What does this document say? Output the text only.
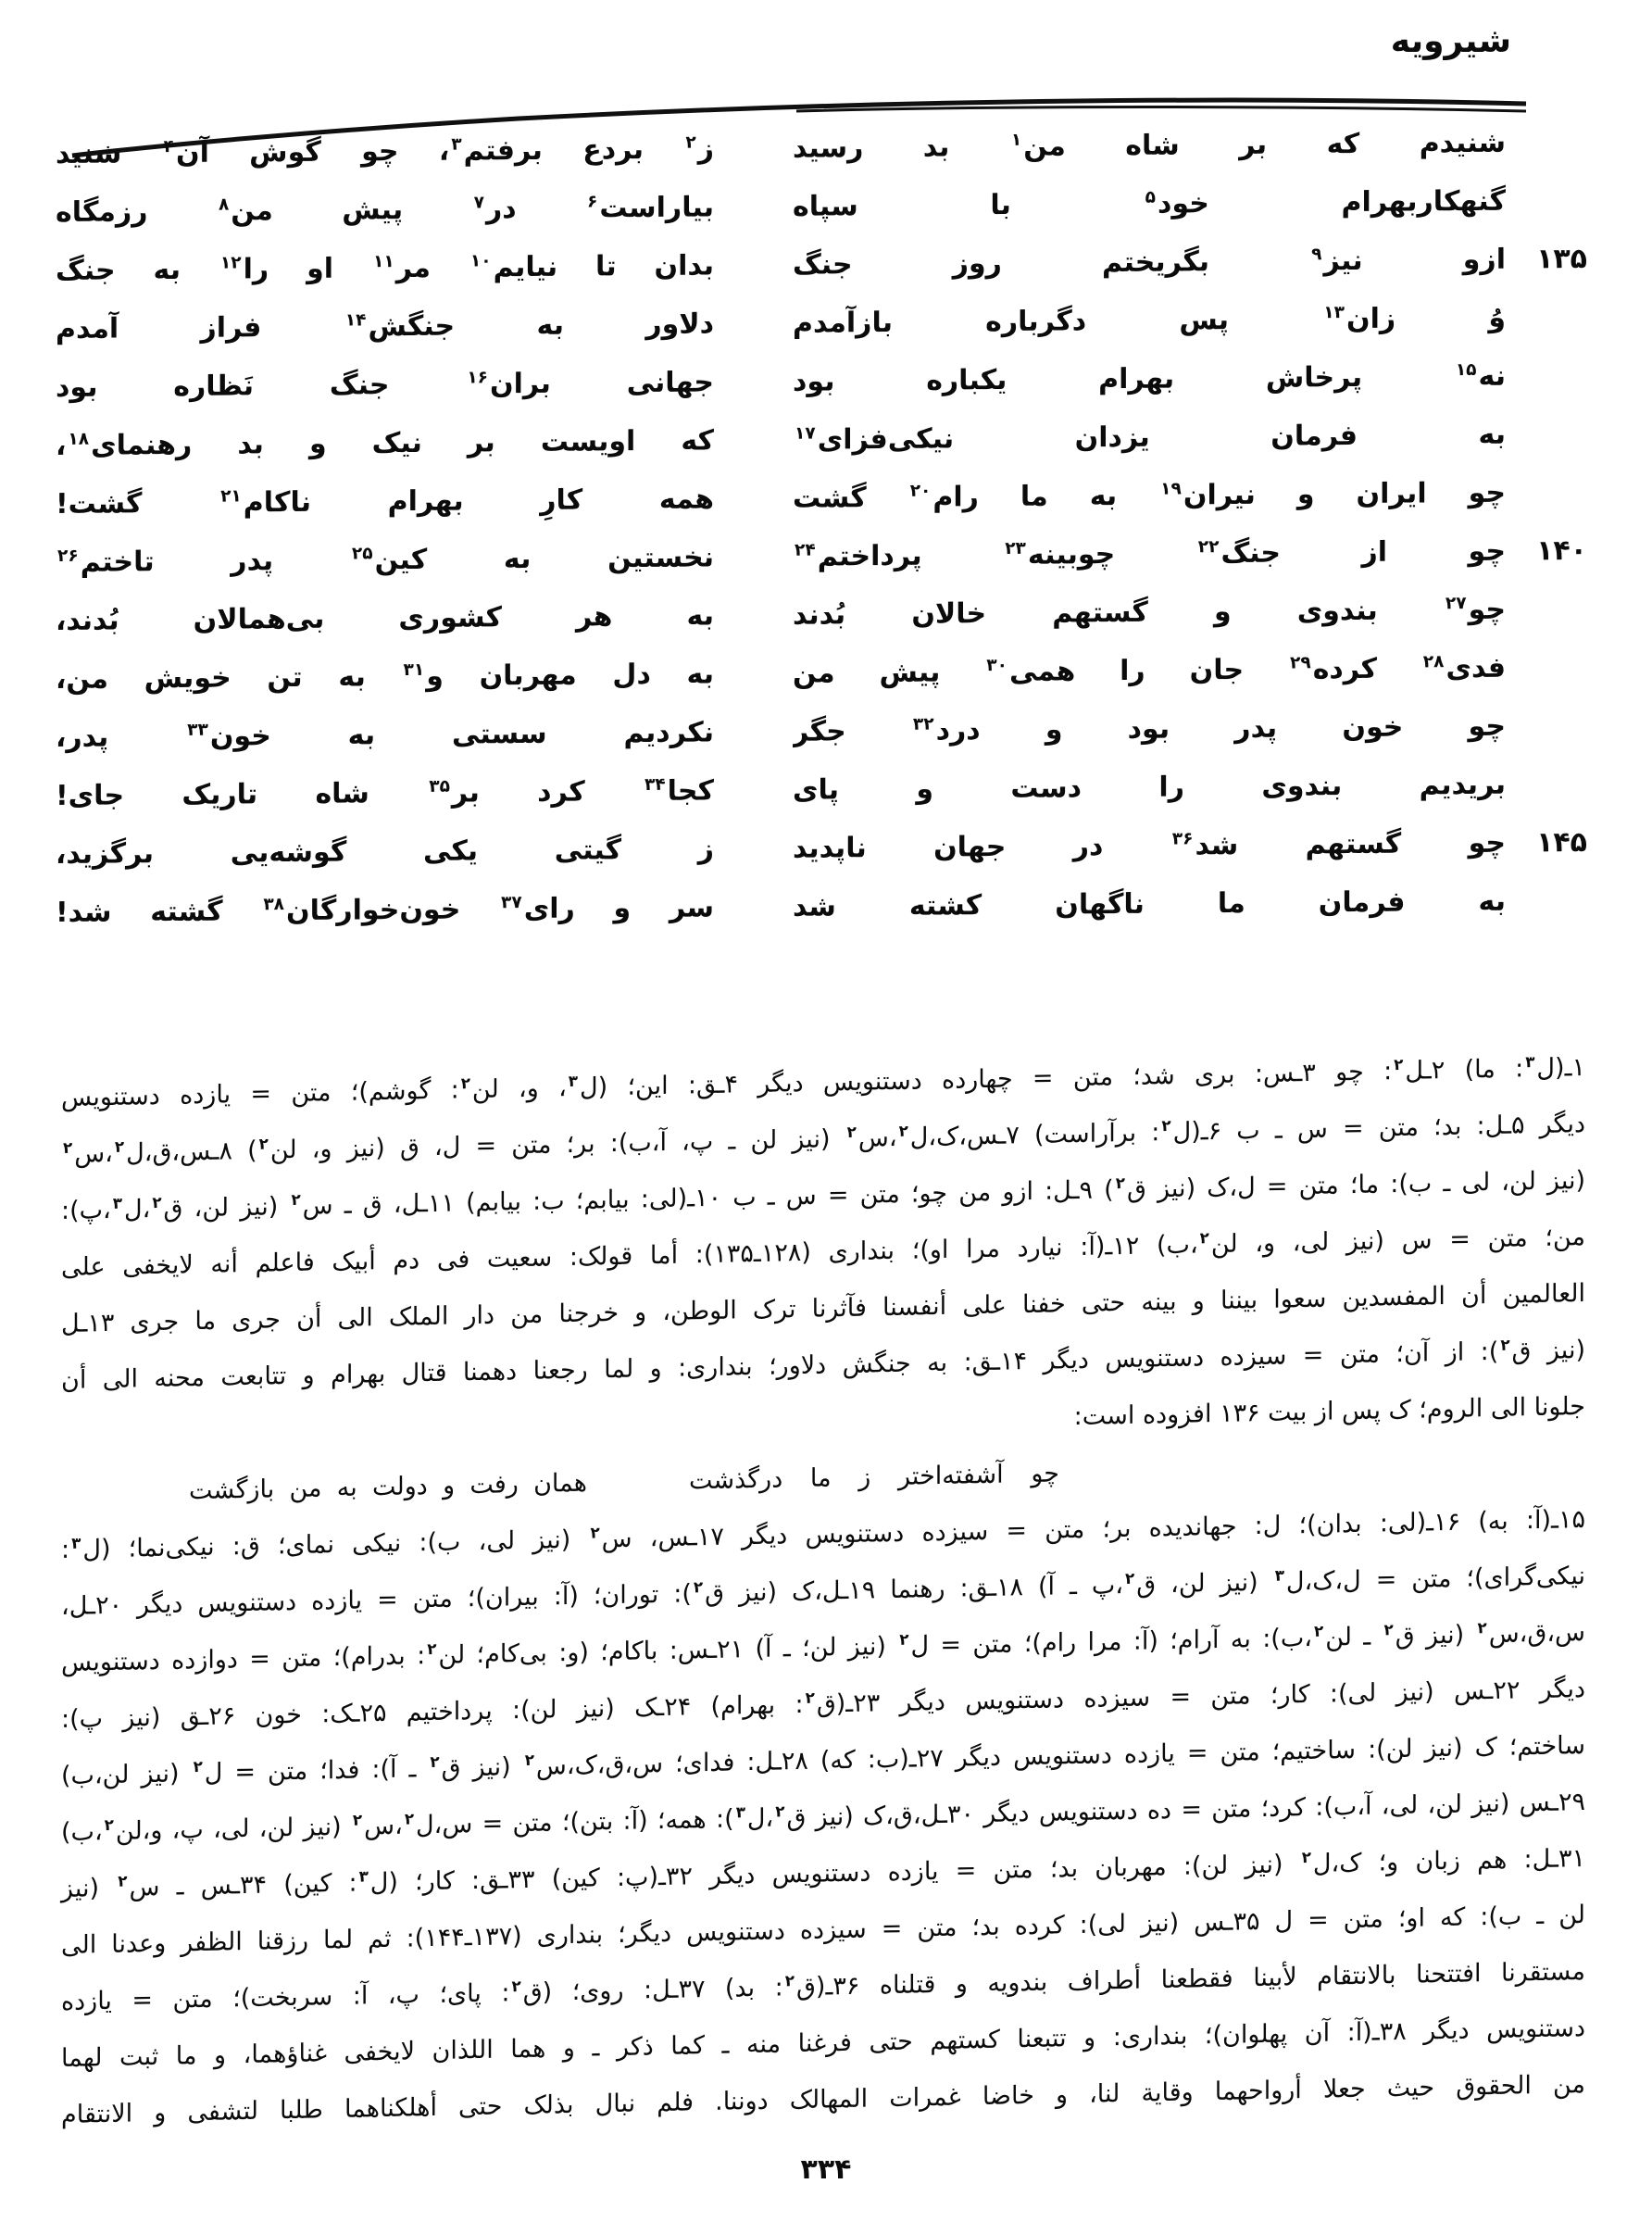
شیرویه
شنیدم که بر شاه من$^۱$ بد رسید
ز$^۲$ بردع برفتم$^۳$، چو گوش آن$^۴$ شنید
گنهکاربهرام خود$^۵$ با سپاه
بیاراست$^۶$ در$^۷$ پیش من$^۸$ رزمگاه
۱۳۵
ازو نیز$^۹$ بگریختم روز جنگ
بدان تا نیایم$^{۱۰}$ مر$^{۱۱}$ او را$^{۱۲}$ به جنگ
وُ زان$^{۱۳}$ پس دگرباره بازآمدم
دلاور به جنگش$^{۱۴}$ فراز آمدم
نه$^{۱۵}$ پرخاش بهرام یکباره بود
جهانی بران$^{۱۶}$ جنگ نَظاره بود
به فرمان یزدان نیکی‌فزای$^{۱۷}$
که اویست بر نیک و بد رهنمای$^{۱۸}$،
چو ایران و نیران$^{۱۹}$ به ما رام$^{۲۰}$ گشت
همه کارِ بهرام ناکام$^{۲۱}$ گشت!
۱۴۰
چو از جنگ$^{۲۲}$ چوبینه$^{۲۳}$ پرداختم$^{۲۴}$
نخستین به کین$^{۲۵}$ پدر تاختم$^{۲۶}$
چو$^{۲۷}$ بندوی و گستهم خالان بُدند
به هر کشوری بی‌همالان بُدند،
فدی$^{۲۸}$ کرده$^{۲۹}$ جان را همی$^{۳۰}$ پیش من
به دل مهربان و$^{۳۱}$ به تن خویش من،
چو خون پدر بود و درد$^{۳۲}$ جگر
نکردیم سستی به خون$^{۳۳}$ پدر،
بریدیم بندوی را دست و پای
کجا$^{۳۴}$ کرد بر$^{۳۵}$ شاه تاریک جای!
۱۴۵
چو گستهم شد$^{۳۶}$ در جهان ناپدید
ز گیتی یکی گوشه‌یی برگزید،
به فرمان ما ناگهان کشته شد
سر و رای$^{۳۷}$ خون‌خوارگان$^{۳۸}$ گشته شد!
۱ـ(ل$^۳$: ما) ۲ـل$^۲$: چو ۳ـس: بری شد؛ متن = چهارده دستنویس دیگر ۴ـق: این؛ (ل$^۳$، و، لن$^۲$: گوشم)؛ متن = یازده دستنویس
دیگر ۵ـل: بد؛ متن = س ـ ب ۶ـ(ل$^۲$: برآراست) ۷ـس،ک،ل$^۲$،س$^۲$ (نیز لن ـ پ، آ،ب): بر؛ متن = ل، ق (نیز و، لن$^۲$) ۸ـس،ق،ل$^۲$،س$^۲$
(نیز لن، لی ـ ب): ما؛ متن = ل،ک (نیز ق$^۲$) ۹ـل: ازو من چو؛ متن = س ـ ب ۱۰ـ(لی: بیابم؛ ب: بیابم) ۱۱ـل، ق ـ س$^۲$ (نیز لن، ق$^۲$،ل$^۳$،پ):
من؛ متن = س (نیز لی، و، لن$^۲$،ب) ۱۲ـ(آ: نیارد مرا او)؛ بنداری (۱۲۸ـ۱۳۵): أما قولک: سعیت فی دم أبیک فاعلم أنه لایخفی علی
العالمین أن المفسدین سعوا بیننا و بینه حتی خفنا علی أنفسنا فآثرنا ترک الوطن، و خرجنا من دار الملک الی أن جری ما جری ۱۳ـل
(نیز ق$^۲$): از آن؛ متن = سیزده دستنویس دیگر ۱۴ـق: به جنگش دلاور؛ بنداری: و لما رجعنا دهمنا قتال بهرام و تتابعت محنه الی أن
جلونا الی الروم؛ ک پس از بیت ۱۳۶ افزوده است:
چو آشفته‌اختر ز ما درگذشت
همان رفت و دولت به من بازگشت
۱۵ـ(آ: به) ۱۶ـ(لی: بدان)؛ ل: جهاندیده بر؛ متن = سیزده دستنویس دیگر ۱۷ـس، س$^۲$ (نیز لی، ب): نیکی نمای؛ ق: نیکی‌نما؛ (ل$^۳$:
نیکی‌گرای)؛ متن = ل،ک،ل$^۳$ (نیز لن، ق$^۲$،پ ـ آ) ۱۸ـق: رهنما ۱۹ـل،ک (نیز ق$^۲$): توران؛ (آ: بیران)؛ متن = یازده دستنویس دیگر ۲۰ـل،
س،ق،س$^۲$ (نیز ق$^۲$ ـ لن$^۲$،ب): به آرام؛ (آ: مرا رام)؛ متن = ل$^۲$ (نیز لن؛ ـ آ) ۲۱ـس: باکام؛ (و: بی‌کام؛ لن$^۲$: بدرام)؛ متن = دوازده دستنویس
دیگر ۲۲ـس (نیز لی): کار؛ متن = سیزده دستنویس دیگر ۲۳ـ(ق$^۲$: بهرام) ۲۴ـک (نیز لن): پرداختیم ۲۵ـک: خون ۲۶ـق (نیز پ):
ساختم؛ ک (نیز لن): ساختیم؛ متن = یازده دستنویس دیگر ۲۷ـ(ب: که) ۲۸ـل: فدای؛ س،ق،ک،س$^۲$ (نیز ق$^۲$ ـ آ): فدا؛ متن = ل$^۲$ (نیز لن،ب)
۲۹ـس (نیز لن، لی، آ،ب): کرد؛ متن = ده دستنویس دیگر ۳۰ـل،ق،ک (نیز ق$^۲$،ل$^۳$): همه؛ (آ: بتن)؛ متن = س،ل$^۲$،س$^۲$ (نیز لن، لی، پ، و،لن$^۲$،ب)
۳۱ـل: هم زبان و؛ ک،ل$^۲$ (نیز لن): مهربان بد؛ متن = یازده دستنویس دیگر ۳۲ـ(پ: کین) ۳۳ـق: کار؛ (ل$^۳$: کین) ۳۴ـس ـ س$^۲$ (نیز
لن ـ ب): که او؛ متن = ل ۳۵ـس (نیز لی): کرده بد؛ متن = سیزده دستنویس دیگر؛ بنداری (۱۳۷ـ۱۴۴): ثم لما رزقنا الظفر وعدنا الی
مستقرنا افتتحنا بالانتقام لأبینا فقطعنا أطراف بندویه و قتلناه ۳۶ـ(ق$^۲$: بد) ۳۷ـل: روی؛ (ق$^۲$: پای؛ پ، آ: سربخت)؛ متن = یازده
دستنویس دیگر ۳۸ـ(آ: آن پهلوان)؛ بنداری: و تتبعنا کستهم حتی فرغنا منه ـ کما ذکر ـ و هما اللذان لایخفی غناؤهما، و ما ثبت لهما
من الحقوق حیث جعلا أرواحهما وقایة لنا، و خاضا غمرات المهالک دوننا. فلم نبال بذلک حتی أهلکناهما طلبا لتشفی و الانتقام
۳۳۴
